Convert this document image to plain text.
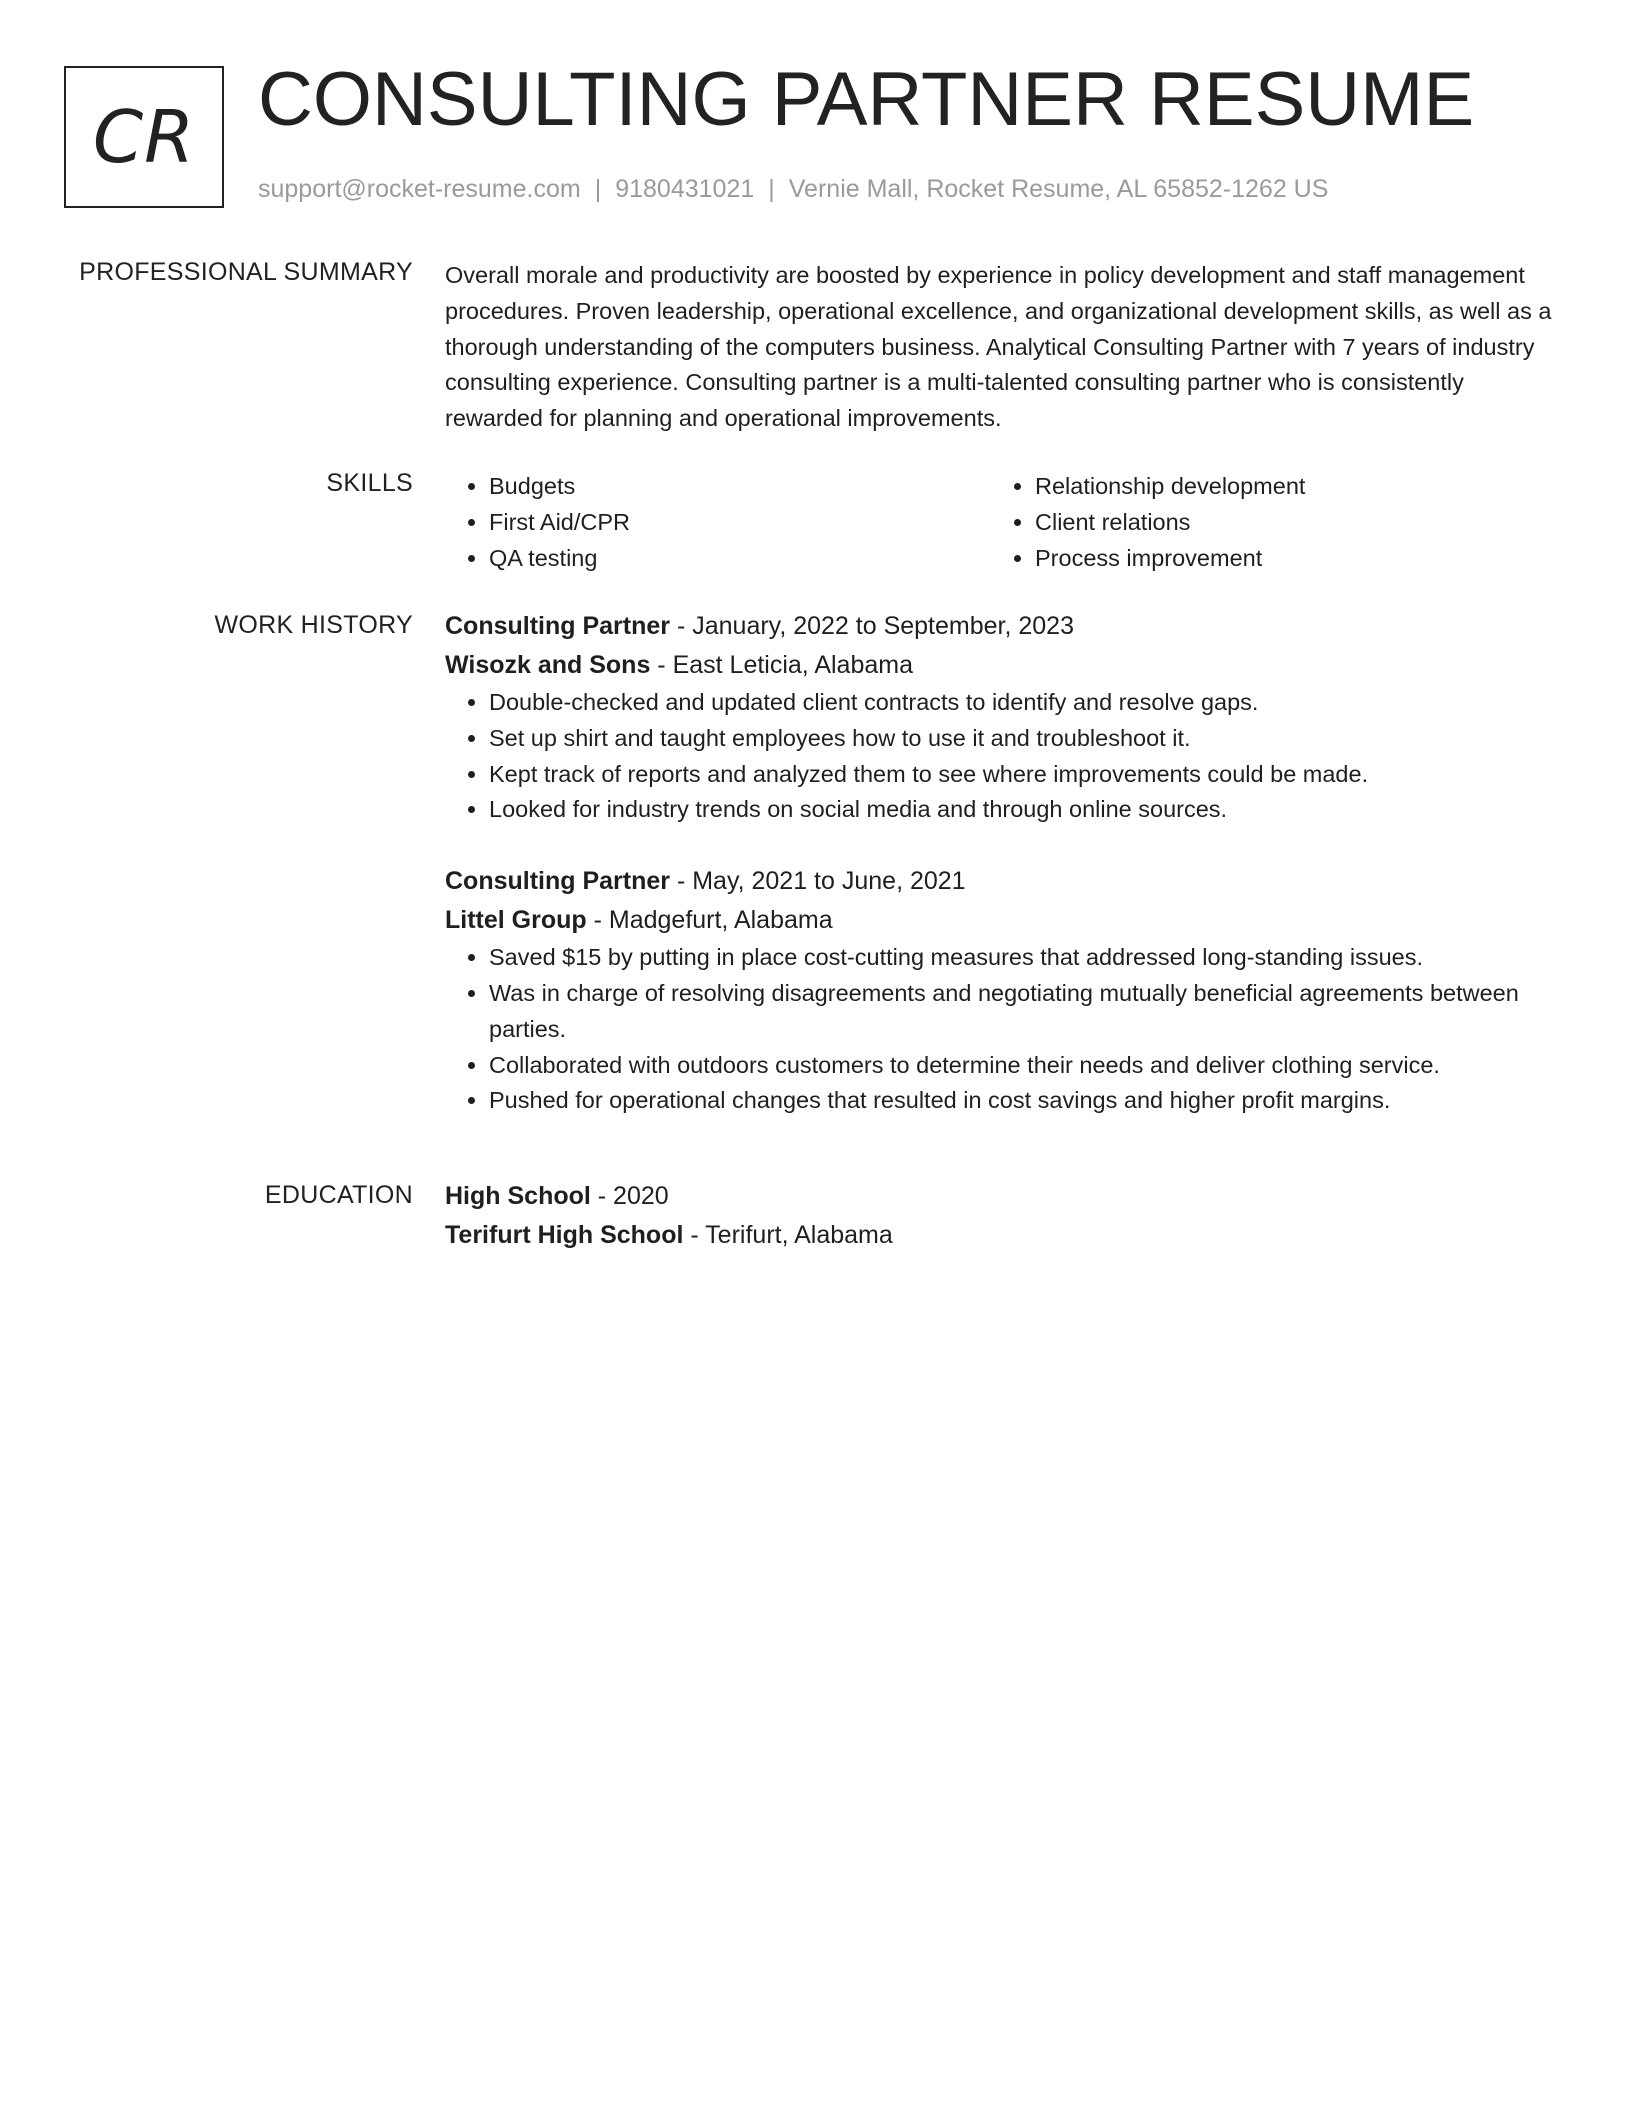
CR CONSULTING PARTNER RESUME
support@rocket-resume.com | 9180431021 | Vernie Mall, Rocket Resume, AL 65852-1262 US
PROFESSIONAL SUMMARY Overall morale and productivity are boosted by experience in policy development and staff management procedures. Proven leadership, operational excellence, and organizational development skills, as well as a thorough understanding of the computers business. Analytical Consulting Partner with 7 years of industry consulting experience. Consulting partner is a multi-talented consulting partner who is consistently rewarded for planning and operational improvements.

SKILLS
•	Budgets
• First Aid/CPR
• QA testing
• Relationship development
• Client relations
• Process improvement
WORK HISTORY Consulting Partner - January, 2022 to September, 2023
Wisozk and Sons - East Leticia, Alabama
• Double-checked and updated client contracts to identify and resolve gaps.
• Set up shirt and taught employees how to use it and troubleshoot it.
• Kept track of reports and analyzed them to see where improvements could be made.
• Looked for industry trends on social media and through online sources.
Consulting Partner - May, 2021 to June, 2021
Littel Group - Madgefurt, Alabama
• Saved $15 by putting in place cost-cutting measures that addressed long-standing issues.
• Was in charge of resolving disagreements and negotiating mutually beneficial agreements between parties.
• Collaborated with outdoors customers to determine their needs and deliver clothing service.
• Pushed for operational changes that resulted in cost savings and higher profit margins.
EDUCATION High School - 2020
Terifurt High School - Terifurt, Alabama
